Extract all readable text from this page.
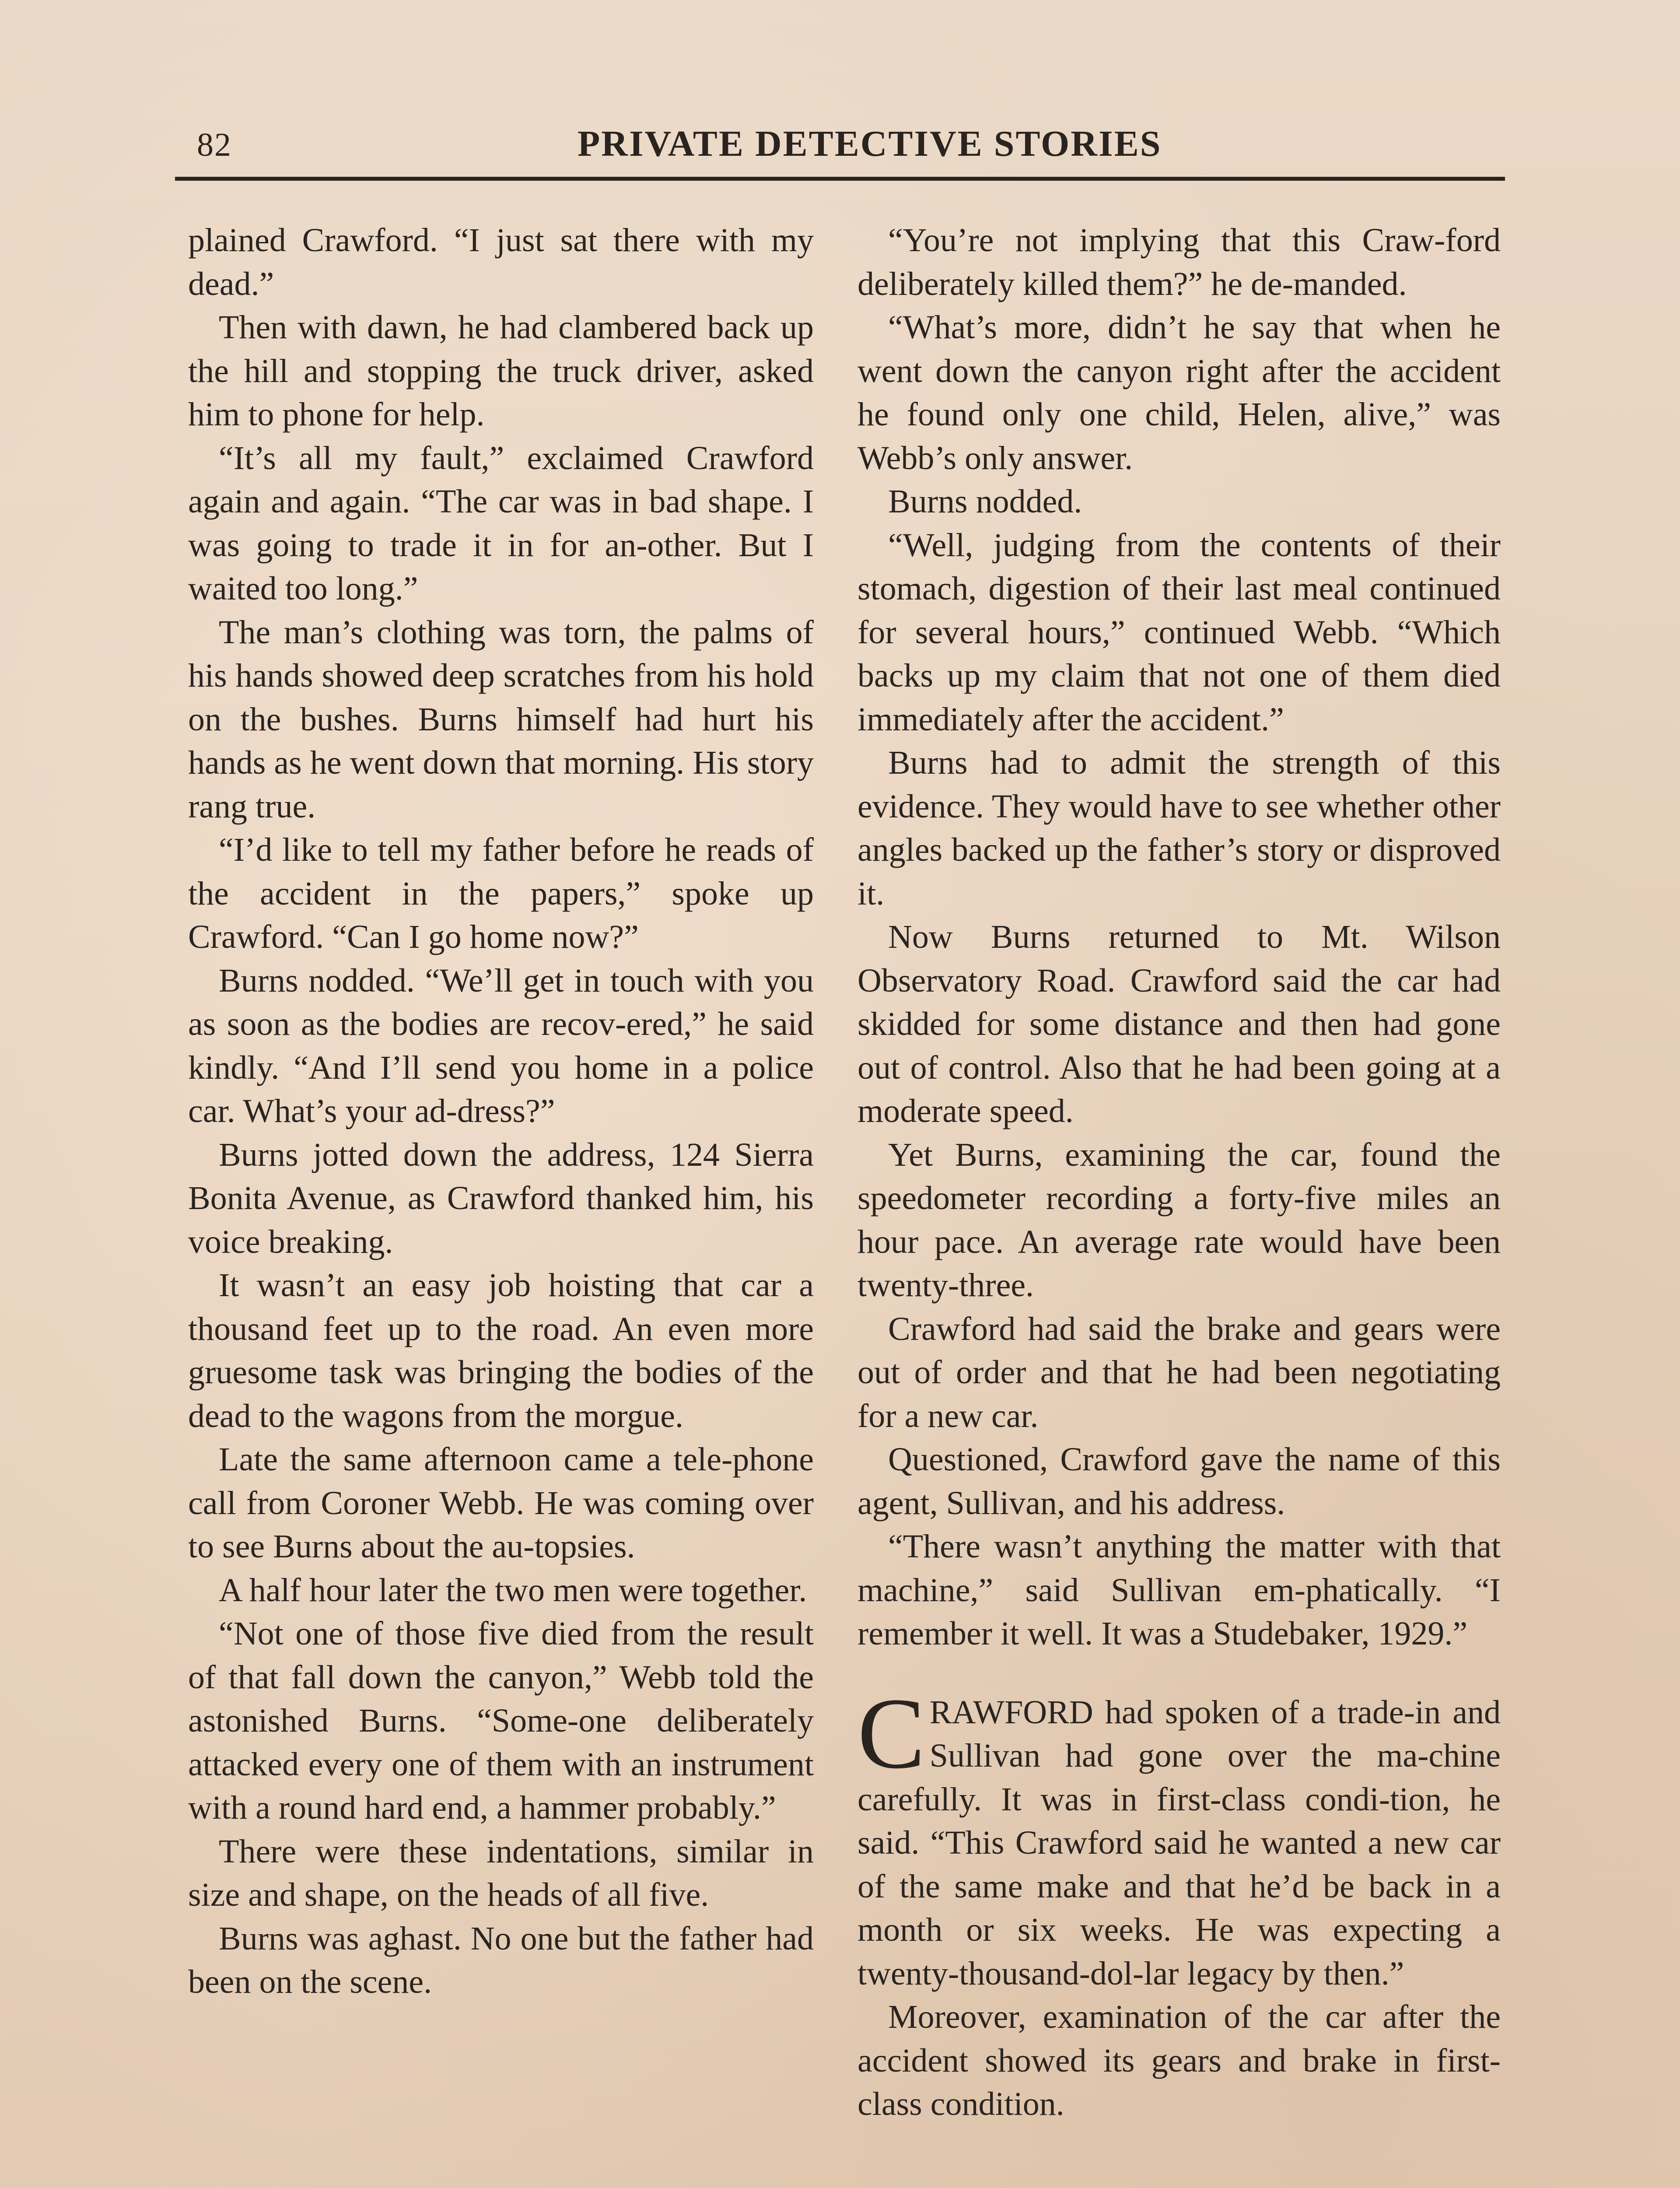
82	PRIVATE DETECTIVE STORIES

plained Crawford. “I just sat there with my dead.”

Then with dawn, he had clambered back up the hill and stopping the truck driver, asked him to phone for help.

“It’s all my fault,” exclaimed Crawford again and again. “The car was in bad shape. I was going to trade it in for an-other. But I waited too long.”

The man’s clothing was torn, the palms of his hands showed deep scratches from his hold on the bushes. Burns himself had hurt his hands as he went down that morning. His story rang true.

“I’d like to tell my father before he reads of the accident in the papers,” spoke up Crawford. “Can I go home now?”

Burns nodded. “We’ll get in touch with you as soon as the bodies are recov-ered,” he said kindly. “And I’ll send you home in a police car. What’s your ad-dress?”

Burns jotted down the address, 124 Sierra Bonita Avenue, as Crawford thanked him, his voice breaking.

It wasn’t an easy job hoisting that car a thousand feet up to the road. An even more gruesome task was bringing the bodies of the dead to the wagons from the morgue.

Late the same afternoon came a tele-phone call from Coroner Webb. He was coming over to see Burns about the au-topsies.

A half hour later the two men were together.

“Not one of those five died from the result of that fall down the canyon,” Webb told the astonished Burns. “Some-one deliberately attacked every one of them with an instrument with a round hard end, a hammer probably.”

There were these indentations, similar in size and shape, on the heads of all five.

Burns was aghast. No one but the father had been on the scene.

“You’re not implying that this Craw-ford deliberately killed them?” he de-manded.

“What’s more, didn’t he say that when he went down the canyon right after the accident he found only one child, Helen, alive,” was Webb’s only answer.

Burns nodded.

“Well, judging from the contents of their stomach, digestion of their last meal continued for several hours,” continued Webb. “Which backs up my claim that not one of them died immediately after the accident.”

Burns had to admit the strength of this evidence. They would have to see whether other angles backed up the father’s story or disproved it.

Now Burns returned to Mt. Wilson Observatory Road. Crawford said the car had skidded for some distance and then had gone out of control. Also that he had been going at a moderate speed.

Yet Burns, examining the car, found the speedometer recording a forty-five miles an hour pace. An average rate would have been twenty-three.

Crawford had said the brake and gears were out of order and that he had been negotiating for a new car.

Questioned, Crawford gave the name of this agent, Sullivan, and his address.

“There wasn’t anything the matter with that machine,” said Sullivan em-phatically. “I remember it well. It was a Studebaker, 1929.”

CRAWFORD had spoken of a trade-in and Sullivan had gone over the ma-chine carefully. It was in first-class condi-tion, he said. “This Crawford said he wanted a new car of the same make and that he’d be back in a month or six weeks. He was expecting a twenty-thousand-dol-lar legacy by then.”

Moreover, examination of the car after the accident showed its gears and brake in first-class condition.
